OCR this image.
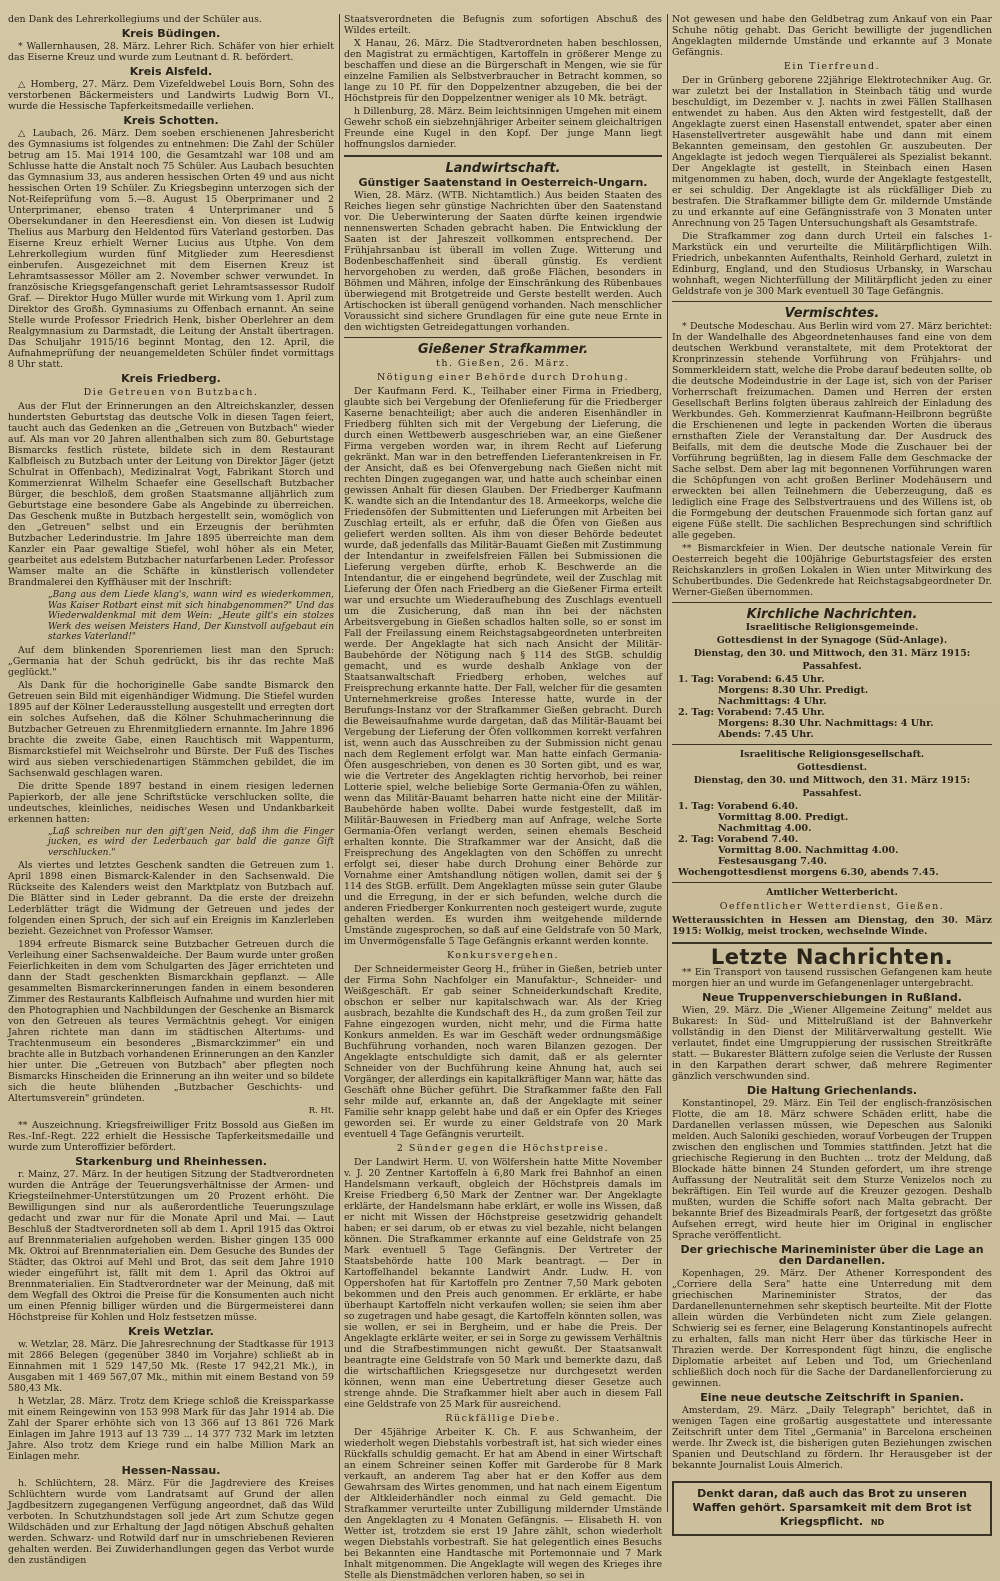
den Dank des Lehrerkollegiums und der Schüler aus.

Kreis Büdingen.

* Wallernhausen, 28. März. Lehrer Rich. Schäfer von hier erhielt das Eiserne Kreuz und wurde zum Leutnant d. R. befördert.

Kreis Alsfeld.

△ Homberg, 27. März. Dem Vizefeldwebel Louis Born, Sohn des verstorbenen Bäckermeisters und Landwirts Ludwig Born VI., wurde die Hessische Tapferkeitsmedaille verliehen.

Kreis Schotten.

△ Laubach, 26. März. Dem soeben erschienenen Jahresbericht des Gymnasiums ist folgendes zu entnehmen: Die Zahl der Schüler betrug am 15. Mai 1914 100, die Gesamtzahl war 108 und am Schlusse hatte die Anstalt noch 75 Schüler. Aus Laubach besuchten das Gymnasium 33, aus anderen hessischen Orten 49 und aus nicht hessischen Orten 19 Schüler. Zu Kriegsbeginn unterzogen sich der Not-Reifeprüfung vom 5.—8. August 15 Oberprimaner und 2 Unterprimaner, ebenso traten 4 Unterprimaner und 5 Obersekundaner in den Heeresdienst ein. Von diesen ist Ludwig Thelius aus Marburg den Heldentod fürs Vaterland gestorben. Das Eiserne Kreuz erhielt Werner Lucius aus Utphe. Von dem Lehrerkollegium wurden fünf Mitglieder zum Heeresdienst einberufen. Ausgezeichnet mit dem Eisernen Kreuz ist Lehramtsassessor Möller am 2. November schwer verwundet. In französische Kriegsgefangenschaft geriet Lehramtsassessor Rudolf Graf. — Direktor Hugo Müller wurde mit Wirkung vom 1. April zum Direktor des Großh. Gymnasiums zu Offenbach ernannt. An seine Stelle wurde Professor Friedrich Henk, bisher Oberlehrer an dem Realgymnasium zu Darmstadt, die Leitung der Anstalt übertragen. Das Schuljahr 1915/16 beginnt Montag, den 12. April, die Aufnahmeprüfung der neuangemeldeten Schüler findet vormittags 8 Uhr statt.

Kreis Friedberg.
Die Getreuen von Butzbach.

Aus der Flut der Erinnerungen an den Altreichskanzler, dessen hundertsten Geburtstag das deutsche Volk in diesen Tagen feiert, taucht auch das Gedenken an die „Getreuen von Butzbach" wieder auf. Als man vor 20 Jahren allenthalben sich zum 80. Geburtstage Bismarcks festlich rüstete, bildete sich in dem Restaurant Kalbfleisch zu Butzbach unter der Leitung von Direktor Jäger (jetzt Schulrat in Offenbach), Medizinalrat Vogt, Fabrikant Storch und Kommerzienrat Wilhelm Schaefer eine Gesellschaft Butzbacher Bürger, die beschloß, dem großen Staatsmanne alljährlich zum Geburtstage eine besondere Gabe als Angebinde zu überreichen. Das Geschenk mußte in Butzbach hergestellt sein, womöglich von den „Getreuen" selbst und ein Erzeugnis der berühmten Butzbacher Lederindustrie. Im Jahre 1895 überreichte man dem Kanzler ein Paar gewaltige Stiefel, wohl höher als ein Meter, gearbeitet aus edelstem Butzbacher naturfarbenen Leder. Professor Wamser malte an die Schäfte in künstlerisch vollendeter Brandmalerei den Kyffhäuser mit der Inschrift:

„Bang aus dem Liede klang's, wann wird es wiederkommen, Was Kaiser Rotbart einst mit sich hinabgenommen?" Und das Wiederwaldenkmal mit dem Wein: „Heute gilt's ein stolzes Werk des weisen Meisters Hand, Der Kunstvoll aufgebaut ein starkes Vaterland!"

Auf dem blinkenden Sporenriemen liest man den Spruch: „Germania hat der Schuh gedrückt, bis ihr das rechte Maß geglückt."

Als Dank für die hochoriginelle Gabe sandte Bismarck den Getreuen sein Bild mit eigenhändiger Widmung. Die Stiefel wurden 1895 auf der Kölner Lederausstellung ausgestellt und erregten dort ein solches Aufsehen, daß die Kölner Schuhmacherinnung die Butzbacher Getreuen zu Ehrenmitgliedern ernannte. Im Jahre 1896 brachte die zweite Gabe, einen Rauchtisch mit Wappenturm, Bismarckstiefel mit Weichselrohr und Bürste. Der Fuß des Tisches wird aus sieben verschiedenartigen Stämmchen gebildet, die im Sachsenwald geschlagen waren.

Die dritte Spende 1897 bestand in einem riesigen ledernen Papierkorb, der alle jene Schriftstücke verschlucken sollte, die undeutsches, kleinliches, neidisches Wesen und Undankbarkeit erkennen hatten:

„Laß schreiben nur den gift'gen Neid, daß ihm die Finger jucken, es wird der Lederbauch gar bald die ganze Gift verschlucken."

Als viertes und letztes Geschenk sandten die Getreuen zum 1. April 1898 einen Bismarck-Kalender in den Sachsenwald. Die Rückseite des Kalenders weist den Marktplatz von Butzbach auf. Die Blätter sind in Leder gebrannt. Da die erste der dreizehn Lederblätter trägt die Widmung der Getreuen und jedes der folgenden einen Spruch, der sich auf ein Ereignis im Kanzlerleben bezieht. Gezeichnet von Professor Wamser.

1894 erfreute Bismarck seine Butzbacher Getreuen durch die Verleihung einer Sachsenwaldeiche. Der Baum wurde unter großen Feierlichkeiten in dem vom Schulgarten des Jäger errichteten und dann der Stadt geschenkten Bismarckhain gepflanzt. — Alle gesammelten Bismarckerinnerungen fanden in einem besonderen Zimmer des Restaurants Kalbfleisch Aufnahme und wurden hier mit den Photographien und Nachbildungen der Geschenke an Bismarck von den Getreuen als teures Vermächtnis gehegt. Vor einigen Jahren richtete man dann im städtischen Altertums- und Trachtenmuseum ein besonderes „Bismarckzimmer" ein und brachte alle in Butzbach vorhandenen Erinnerungen an den Kanzler hier unter. Die „Getreuen von Butzbach" aber pflegten noch Bismarcks Hinscheiden die Erinnerung an ihn weiter und so bildete sich die heute blühenden „Butzbacher Geschichts- und Altertumsverein" gründeten.

R. Ht.

** Auszeichnung. Kriegsfreiwilliger Fritz Bossold aus Gießen im Res.-Inf.-Regt. 222 erhielt die Hessische Tapferkeitsmedaille und wurde zum Unteroffizier befördert.

Starkenburg und Rheinhessen.

r. Mainz, 27. März. In der heutigen Sitzung der Stadtverordneten wurden die Anträge der Teuerungsverhältnisse der Armen- und Kriegsteilnehmer-Unterstützungen um 20 Prozent erhöht. Die Bewilligungen sind nur als außerordentliche Teuerungszulage gedacht und zwar nur für die Monate April und Mai. — Laut Beschluß der Stadtverordneten soll ab dem 1. April 1915 das Oktroi auf Brennmaterialien aufgehoben werden. Bisher gingen 135 000 Mk. Oktroi auf Brennmaterialien ein. Dem Gesuche des Bundes der Städter, das Oktroi auf Mehl und Brot, das seit dem Jahre 1910 wieder eingeführt ist, fällt mit dem 1. April das Oktroi auf Brennmaterialien. Ein Stadtverordneter war der Meinung, daß mit dem Wegfall des Oktroi die Preise für die Konsumenten auch nicht um einen Pfennig billiger würden und die Bürgermeisterei dann Höchstpreise für Kohlen und Holz festsetzen müsse.

Kreis Wetzlar.

w. Wetzlar, 28. März. Die Jahresrechnung der Stadtkasse für 1913 mit 2866 Belegen (gegenüber 3840 im Vorjahre) schließt ab in Einnahmen mit 1 529 147,50 Mk. (Reste 17 942,21 Mk.), in Ausgaben mit 1 469 567,07 Mk., mithin mit einem Bestand von 59 580,43 Mk.

h Wetzlar, 28. März. Trotz dem Kriege schloß die Kreissparkasse mit einem Reingewinn von 153 998 Mark für das Jahr 1914 ab. Die Zahl der Sparer erhöhte sich von 13 366 auf 13 861 726 Mark Einlagen im Jahre 1913 auf 13 739 ... 14 377 732 Mark im letzten Jahre. Also trotz dem Kriege rund ein halbe Million Mark an Einlagen mehr.

Hessen-Nassau.

h. Schlüchtern, 28. März. Für die Jagdreviere des Kreises Schlüchtern wurde vom Landratsamt auf Grund der allen Jagdbesitzern zugegangenen Verfügung angeordnet, daß das Wild verboten. In Schutzhundstagen soll jede Art zum Schutze gegen Wildschäden und zur Erhaltung der Jagd nötigen Abschuß gehalten werden. Schwarz- und Rotwild darf nur in umschriebenen Revieren gehalten werden. Bei Zuwiderhandlungen gegen das Verbot wurde den zuständigen

Staatsverordneten die Befugnis zum sofortigen Abschuß des Wildes erteilt.

X Hanau, 26. März. Die Stadtverordneten haben beschlossen, den Magistrat zu ermächtigen, Kartoffeln in größerer Menge zu beschaffen und diese an die Bürgerschaft in Mengen, wie sie für einzelne Familien als Selbstverbraucher in Betracht kommen, so lange zu 10 Pf. für den Doppelzentner abzugeben, die bei der Höchstpreis für den Doppelzentner weniger als 10 Mk. beträgt.

h Dillenburg, 28. März. Beim leichtsinnigen Umgehen mit einem Gewehr schoß ein siebzehnjähriger Arbeiter seinem gleichaltrigen Freunde eine Kugel in den Kopf. Der junge Mann liegt hoffnungslos darnieder.

Landwirtschaft.
Günstiger Saatenstand in Oesterreich-Ungarn.

Wien, 28. März. (WTB. Nichtamtlich.) Aus beiden Staaten des Reiches liegen sehr günstige Nachrichten über den Saatenstand vor. Die Ueberwinterung der Saaten dürfte keinen irgendwie nennenswerten Schaden gebracht haben. Die Entwicklung der Saaten ist der Jahreszeit vollkommen entsprechend. Der Frühjahrsanbau ist überall im vollen Zuge. Witterung und Bodenbeschaffenheit sind überall günstig. Es verdient hervorgehoben zu werden, daß große Flächen, besonders in Böhmen und Mähren, infolge der Einschränkung des Rübenbaues überwiegend mit Brotgetreide und Gerste bestellt werden. Auch Artischocken ist überall genügend vorhanden. Nach menschlicher Voraussicht sind sichere Grundlagen für eine gute neue Ernte in den wichtigsten Getreidegattungen vorhanden.

Gießener Strafkammer.
th. Gießen, 26. März.
Nötigung einer Behörde durch Drohung.

Der Kaufmann Ferd. K., Teilhaber einer Firma in Friedberg, glaubte sich bei Vergebung der Ofenlieferung für die Friedberger Kaserne benachteiligt; aber auch die anderen Eisenhändler in Friedberg fühlten sich mit der Vergebung der Lieferung, die durch einen Wettbewerb ausgeschrieben war, an eine Gießener Firma vergeben worden war, in ihrem Recht auf Lieferung gekränkt. Man war in den betreffenden Lieferantenkreisen in Fr. der Ansicht, daß es bei Ofenvergebung nach Gießen nicht mit rechten Dingen zugegangen war, und hatte auch scheinbar einen gewissen Anhalt für diesen Glauben. Der Friedberger Kaufmann K. wandte sich an die Intendantur des 18. Armeekorps, welche die Friedensöfen der Submittenten und Lieferungen mit Arbeiten bei Zuschlag erteilt, als er erfuhr, daß die Öfen von Gießen aus geliefert werden sollten. Als ihm von dieser Behörde bedeutet wurde, daß jedenfalls das Militär-Bauamt Gießen mit Zustimmung der Intendantur in zweifelsfreien Fällen bei Submissionen die Lieferung vergeben dürfte, erhob K. Beschwerde an die Intendantur, die er eingehend begründete, weil der Zuschlag mit Lieferung der Öfen nach Friedberg an die Gießener Firma erteilt war und ersuchte um Wiederaufhebung des Zuschlags eventuell um die Zusicherung, daß man ihn bei der nächsten Arbeitsvergebung in Gießen schadlos halten solle, so er sonst im Fall der Freilassung einem Reichstagsabgeordneten unterbreiten werde. Der Angeklagte hat sich nach Ansicht der Militär-Baubehörde der Nötigung nach § 114 des StGB. schuldig gemacht, und es wurde deshalb Anklage von der Staatsanwaltschaft Friedberg erhoben, welches auf Freisprechung erkannte hatte. Der Fall, welcher für die gesamten Unternehmerkreise großes Interesse hatte, wurde in der Berufungs-Instanz vor der Strafkammer Gießen gebracht. Durch die Beweisaufnahme wurde dargetan, daß das Militär-Bauamt bei Vergebung der Lieferung der Öfen vollkommen korrekt verfahren ist, wenn auch das Ausschreiben zu der Submission nicht genau nach dem Reglement erfolgt war. Man hatte einfach Germania-Öfen ausgeschrieben, von denen es 30 Sorten gibt, und es war, wie die Vertreter des Angeklagten richtig hervorhob, bei reiner Lotterie spiel, welche beliebige Sorte Germania-Öfen zu wählen, wenn das Militär-Bauamt beharren hatte nicht eine der Militär-Baubehörde haben wollte. Dabei wurde festgestellt, daß im Militär-Bauwesen in Friedberg man auf Anfrage, welche Sorte Germania-Öfen verlangt werden, seinen ehemals Bescheid erhalten konnte. Die Strafkammer war der Ansicht, daß die Freisprechung des Angeklagten von den Schöffen zu unrecht erfolgt sei, dieser habe durch Drohung einer Behörde zur Vornahme einer Amtshandlung nötigen wollen, damit sei der § 114 des StGB. erfüllt. Dem Angeklagten müsse sein guter Glaube und die Erregung, in der er sich befunden, welche durch die anderen Friedberger Konkurrenten noch gesteigert wurde, zugute gehalten werden. Es wurden ihm weitgehende mildernde Umstände zugesprochen, so daß auf eine Geldstrafe von 50 Mark, im Unvermögensfalle 5 Tage Gefängnis erkannt werden konnte.

Konkursvergehen.

Der Schneidermeister Georg H., früher in Gießen, betrieb unter der Firma Sohn Nachfolger ein Manufaktur-, Schneider- und Weißgeschäft. Er gab seiner Schneiderkundschaft Kredite, obschon er selber nur kapitalschwach war. Als der Krieg ausbrach, bezahlte die Kundschaft des H., da zum großen Teil zur Fahne eingezogen wurden, nicht mehr, und die Firma hatte Konkurs anmelden. Es war im Geschäft weder ordnungsmäßige Buchführung vorhanden, noch waren Bilanzen gezogen. Der Angeklagte entschuldigte sich damit, daß er als gelernter Schneider von der Buchführung keine Ahnung hat, auch sei Vorgänger, der allerdings ein kapitalkräftiger Mann war, hätte das Geschäft ohne Bücher geführt. Die Strafkammer faßte den Fall sehr milde auf, erkannte an, daß der Angeklagte mit seiner Familie sehr knapp gelebt habe und daß er ein Opfer des Krieges geworden sei. Er wurde zu einer Geldstrafe von 20 Mark eventuell 4 Tage Gefängnis verurteilt.

2 Sünder gegen die Höchstpreise.

Der Landwirt Herm. U. von Wölfershein hatte Mitte November v. J. 20 Zentner Kartoffeln à 6,80 Mark frei Bahnhof an einen Handelsmann verkauft, obgleich der Höchstpreis damals im Kreise Friedberg 6,50 Mark der Zentner war. Der Angeklagte erklärte, der Handelsmann habe erklärt, er wolle ins Wissen, daß er nicht mit Wissen der Höchstpreise gesetzwidrig gehandelt haben; er sei darum, ob er etwas zu viel bezahle, nicht belangen können. Die Strafkammer erkannte auf eine Geldstrafe von 25 Mark eventuell 5 Tage Gefängnis. Der Vertreter der Staatsbehörde hatte 100 Mark beantragt. — Der in Kartoffelhandel bekannte Landwirt Andr. Ludw. H. von Oppershofen hat für Kartoffeln pro Zentner 7,50 Mark geboten bekommen und den Preis auch genommen. Er erklärte, er habe überhaupt Kartoffeln nicht verkaufen wollen; sie seien ihm aber so zugetragen und habe gesagt, die Kartoffeln könnten sollen, was sie wollen, er sei in Bergheim, und er habe die Preis. Der Angeklagte erklärte weiter, er sei in Sorge zu gewissem Verhältnis und die Strafbestimmungen nicht gewußt. Der Staatsanwalt beantragte eine Geldstrafe von 50 Mark und bemerkte dazu, daß die wirtschaftlichen Kriegsgesetze nur durchgesetzt werden können, wenn man eine Uebertretung dieser Gesetze auch strenge ahnde. Die Strafkammer hielt aber auch in diesem Fall eine Geldstrafe von 25 Mark für ausreichend.

Rückfällige Diebe.

Der 45jährige Arbeiter K. Ch. F. aus Schwanheim, der wiederholt wegen Diebstahls vorbestraft ist, hat sich wieder eines Rückfalls schuldig gemacht. Er hat am Abend in einer Wirtschaft an einem Schreiner seinen Koffer mit Garderobe für 8 Mark verkauft, an anderem Tag aber hat er den Koffer aus dem Gewahrsam des Wirtes genommen, und hat nach einem Eigentum der Altkleiderhändler noch einmal zu Geld gemacht. Die Strafkammer verurteilte unter Zubilligung mildernder Umstände den Angeklagten zu 4 Monaten Gefängnis. — Elisabeth H. von Wetter ist, trotzdem sie erst 19 Jahre zählt, schon wiederholt wegen Diebstahls vorbestraft. Sie hat gelegentlich eines Besuchs bei Bekannten eine Handtasche mit Portemonnaie und 7 Mark Inhalt mitgenommen. Die Angeklagte will wegen des Krieges ihre Stelle als Dienstmädchen verloren haben, so sei in

Not gewesen und habe den Geldbetrag zum Ankauf von ein Paar Schuhe nötig gehabt. Das Gericht bewilligte der jugendlichen Angeklagten mildernde Umstände und erkannte auf 3 Monate Gefängnis.

Ein Tierfreund.

Der in Grünberg geborene 22jährige Elektrotechniker Aug. Gr. war zuletzt bei der Installation in Steinbach tätig und wurde beschuldigt, im Dezember v. J. nachts in zwei Fällen Stallhasen entwendet zu haben. Aus den Akten wird festgestellt, daß der Angeklagte zuerst einen Hasenstall entwendet, spater aber einen Hasenstellvertreter ausgewählt habe und dann mit einem Bekannten gemeinsam, den gestohlen Gr. auszubeuten. Der Angeklagte ist jedoch wegen Tierquälerei als Spezialist bekannt. Der Angeklagte ist gestellt, in Steinbach einen Hasen mitgenommen zu haben, doch, wurde der Angeklagte festgestellt, er sei schuldig. Der Angeklagte ist als rückfälliger Dieb zu bestrafen. Die Strafkammer billigte dem Gr. mildernde Umstände zu und erkannte auf eine Gefängnisstrafe von 3 Monaten unter Anrechnung von 25 Tagen Untersuchungshaft als Gesamtstrafe.

Die Strafkammer zog dann durch Urteil ein falsches 1-Markstück ein und verurteilte die Militärpflichtigen Wilh. Friedrich, unbekannten Aufenthalts, Reinhold Gerhard, zuletzt in Edinburg, England, und den Studiosus Urbansky, in Warschau wohnhaft, wegen Nichterfüllung der Militärpflicht jeden zu einer Geldstrafe von je 300 Mark eventuell 30 Tage Gefängnis.

Vermischtes.

* Deutsche Modeschau. Aus Berlin wird vom 27. März berichtet: In der Wandelhalle des Abgeordnetenhauses fand eine von dem deutschen Werkbund veranstaltete, mit dem Protektorat der Kronprinzessin stehende Vorführung von Frühjahrs- und Sommerkleidern statt, welche die Probe darauf bedeuten sollte, ob die deutsche Modeindustrie in der Lage ist, sich von der Pariser Vorherrschaft freizumachen. Damen und Herren der ersten Gesellschaft Berlins folgten überaus zahlreich der Einladung des Werkbundes. Geh. Kommerzienrat Kaufmann-Heilbronn begrüßte die Erschienenen und legte in packenden Worten die überaus ernsthaften Ziele der Veranstaltung dar. Der Ausdruck des Beifalls, mit dem die deutsche Mode die Zuschauer bei der Vorführung begrüßten, lag in diesem Falle dem Geschmacke der Sache selbst. Dem aber lag mit begonnenen Vorführungen waren die Schöpfungen von acht großen Berliner Modehäusern und erweckten bei allen Teilnehmern die Ueberzeugung, daß es lediglich eine Frage des Selbstvertrauens und des Willens ist, ob die Formgebung der deutschen Frauenmode sich fortan ganz auf eigene Füße stellt. Die sachlichen Besprechungen sind schriftlich alle gegeben.

** Bismarckfeier in Wien. Der deutsche nationale Verein für Oesterreich begeht die 100jährige Geburtstagsfeier des ersten Reichskanzlers in großen Lokalen in Wien unter Mitwirkung des Schubertbundes. Die Gedenkrede hat Reichstagsabgeordneter Dr. Werner-Gießen übernommen.

Kirchliche Nachrichten.
Israelitische Religionsgemeinde.
Gottesdienst in der Synagoge (Süd-Anlage).
Dienstag, den 30. und Mittwoch, den 31. März 1915:
Passahfest.
1. Tag: Vorabend: 6.45 Uhr.
Morgens: 8.30 Uhr. Predigt.
Nachmittags: 4 Uhr.
2. Tag: Vorabend: 7.45 Uhr.
Morgens: 8.30 Uhr. Nachmittags: 4 Uhr.
Abends: 7.45 Uhr.
Israelitische Religionsgesellschaft.
Gottesdienst.
Dienstag, den 30. und Mittwoch, den 31. März 1915:
Passahfest.
1. Tag: Vorabend 6.40.
Vormittag 8.00. Predigt.
Nachmittag 4.00.
2. Tag: Vorabend 7.40.
Vormittag 8.00. Nachmittag 4.00.
Festesausgang 7.40.
Wochengottesdienst morgens 6.30, abends 7.45.
Amtlicher Wetterbericht.
Oeffentlicher Wetterdienst, Gießen.

Wetteraussichten in Hessen am Dienstag, den 30. März 1915: Wolkig, meist trocken, wechselnde Winde.

Letzte Nachrichten.

** Ein Transport von tausend russischen Gefangenen kam heute morgen hier an und wurde im Gefangenenlager untergebracht.

Neue Truppenverschiebungen in Rußland.

Wien, 29. März. Die „Wiener Allgemeine Zeitung" meldet aus Bukarest: In Süd- und Mittelrußland ist der Bahnverkehr vollständig in den Dienst der Militärverwaltung gestellt. Wie verlautet, findet eine Umgruppierung der russischen Streitkräfte statt. — Bukarester Blättern zufolge seien die Verluste der Russen in den Karpathen derart schwer, daß mehrere Regimenter gänzlich verschwunden sind.

Die Haltung Griechenlands.

Konstantinopel, 29. März. Ein Teil der englisch-französischen Flotte, die am 18. März schwere Schäden erlitt, habe die Dardanellen verlassen müssen, wie Depeschen aus Saloniki melden. Auch Saloniki geschieden, worauf Vorbeugen der Truppen zwischen den englischen und Tommies stattfinden. Jetzt hat die griechische Regierung in den Buchten ... trotz der Meldung, daß Blockade hätte binnen 24 Stunden gefordert, um ihre strenge Auffassung der Neutralität seit dem Sturze Venizelos noch zu bekräftigen. Ein Teil wurde auf die Kreuzer gezogen. Deshalb mußten, wurden die Schiffe sofort nach Malta gebracht. Der bekannte Brief des Bizeadmirals Pearß, der fortgesetzt das größte Aufsehen erregt, wird heute hier im Original in englischer Sprache veröffentlicht.

Der griechische Marineminister über die Lage an den Dardanellen.

Kopenhagen, 29. März. Der Athener Korrespondent des „Corriere della Sera" hatte eine Unterredung mit dem griechischen Marineminister Stratos, der das Dardanellenunternehmen sehr skeptisch beurteilte. Mit der Flotte allein würden die Verbündeten nicht zum Ziele gelangen. Schwierig sei es ferner, eine Belagerung Konstantinopels aufrecht zu erhalten, falls man nicht Herr über das türkische Heer in Thrazien werde. Der Korrespondent fügt hinzu, die englische Diplomatie arbeitet auf Leben und Tod, um Griechenland schließlich doch noch für die Sache der Dardanellenforcierung zu gewinnen.

Eine neue deutsche Zeitschrift in Spanien.

Amsterdam, 29. März. „Daily Telegraph" berichtet, daß in wenigen Tagen eine großartig ausgestattete und interessante Zeitschrift unter dem Titel „Germania" in Barcelona erscheinen werde. Ihr Zweck ist, die bisherigen guten Beziehungen zwischen Spanien und Deutschland zu fördern. Ihr Herausgeber ist der bekannte Journalist Louis Almerich.

Denkt daran, daß auch das Brot zu unseren Waffen gehört. Sparsamkeit mit dem Brot ist Kriegspflicht. ND
